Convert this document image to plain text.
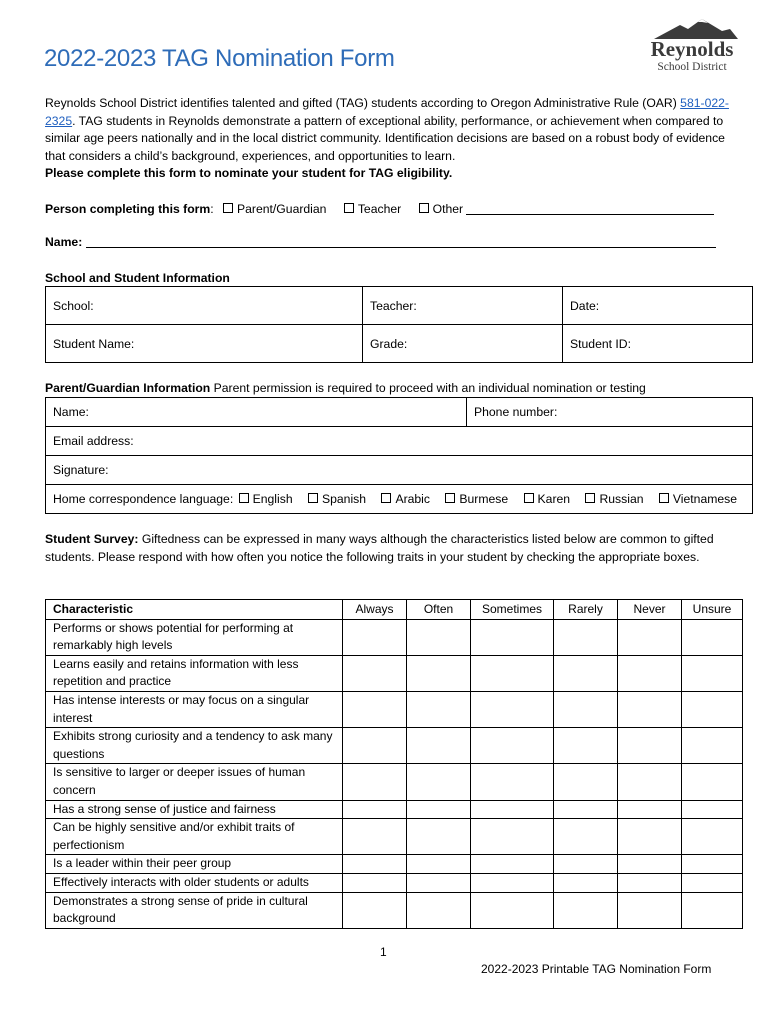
2022-2023 TAG Nomination Form	Reynolds
School District
Reynolds School District identifies talented and gifted (TAG) students according to Oregon Administrative Rule (OAR) 581-022-2325. TAG students in Reynolds demonstrate a pattern of exceptional ability, performance, or achievement when compared to similar age peers nationally and in the local district community. Identification decisions are based on a robust body of evidence that considers a child’s background, experiences, and opportunities to learn.
Please complete this form to nominate your student for TAG eligibility.
Person completing this form: Parent/Guardian	Teacher	Other
Name:
School and Student Information
School:	Teacher:	Date:
Student Name:	Grade:	Student ID:
Parent/Guardian Information Parent permission is required to proceed with an individual nomination or testing
Name:	Phone number:
Email address:
Signature:
Home correspondence language: English Spanish Arabic Burmese Karen Russian Vietnamese
Student Survey: Giftedness can be expressed in many ways although the characteristics listed below are common to gifted students. Please respond with how often you notice the following traits in your student by checking the appropriate boxes.
Characteristic	Always	Often	Sometimes	Rarely	Never	Unsure
Performs or shows potential for performing at remarkably high levels						
Learns easily and retains information with less repetition and practice						
Has intense interests or may focus on a singular interest						
Exhibits strong curiosity and a tendency to ask many questions						
Is sensitive to larger or deeper issues of human concern						
Has a strong sense of justice and fairness						
Can be highly sensitive and/or exhibit traits of perfectionism						
Is a leader within their peer group						
Effectively interacts with older students or adults						
Demonstrates a strong sense of pride in cultural background						
1
2022-2023 Printable TAG Nomination Form
